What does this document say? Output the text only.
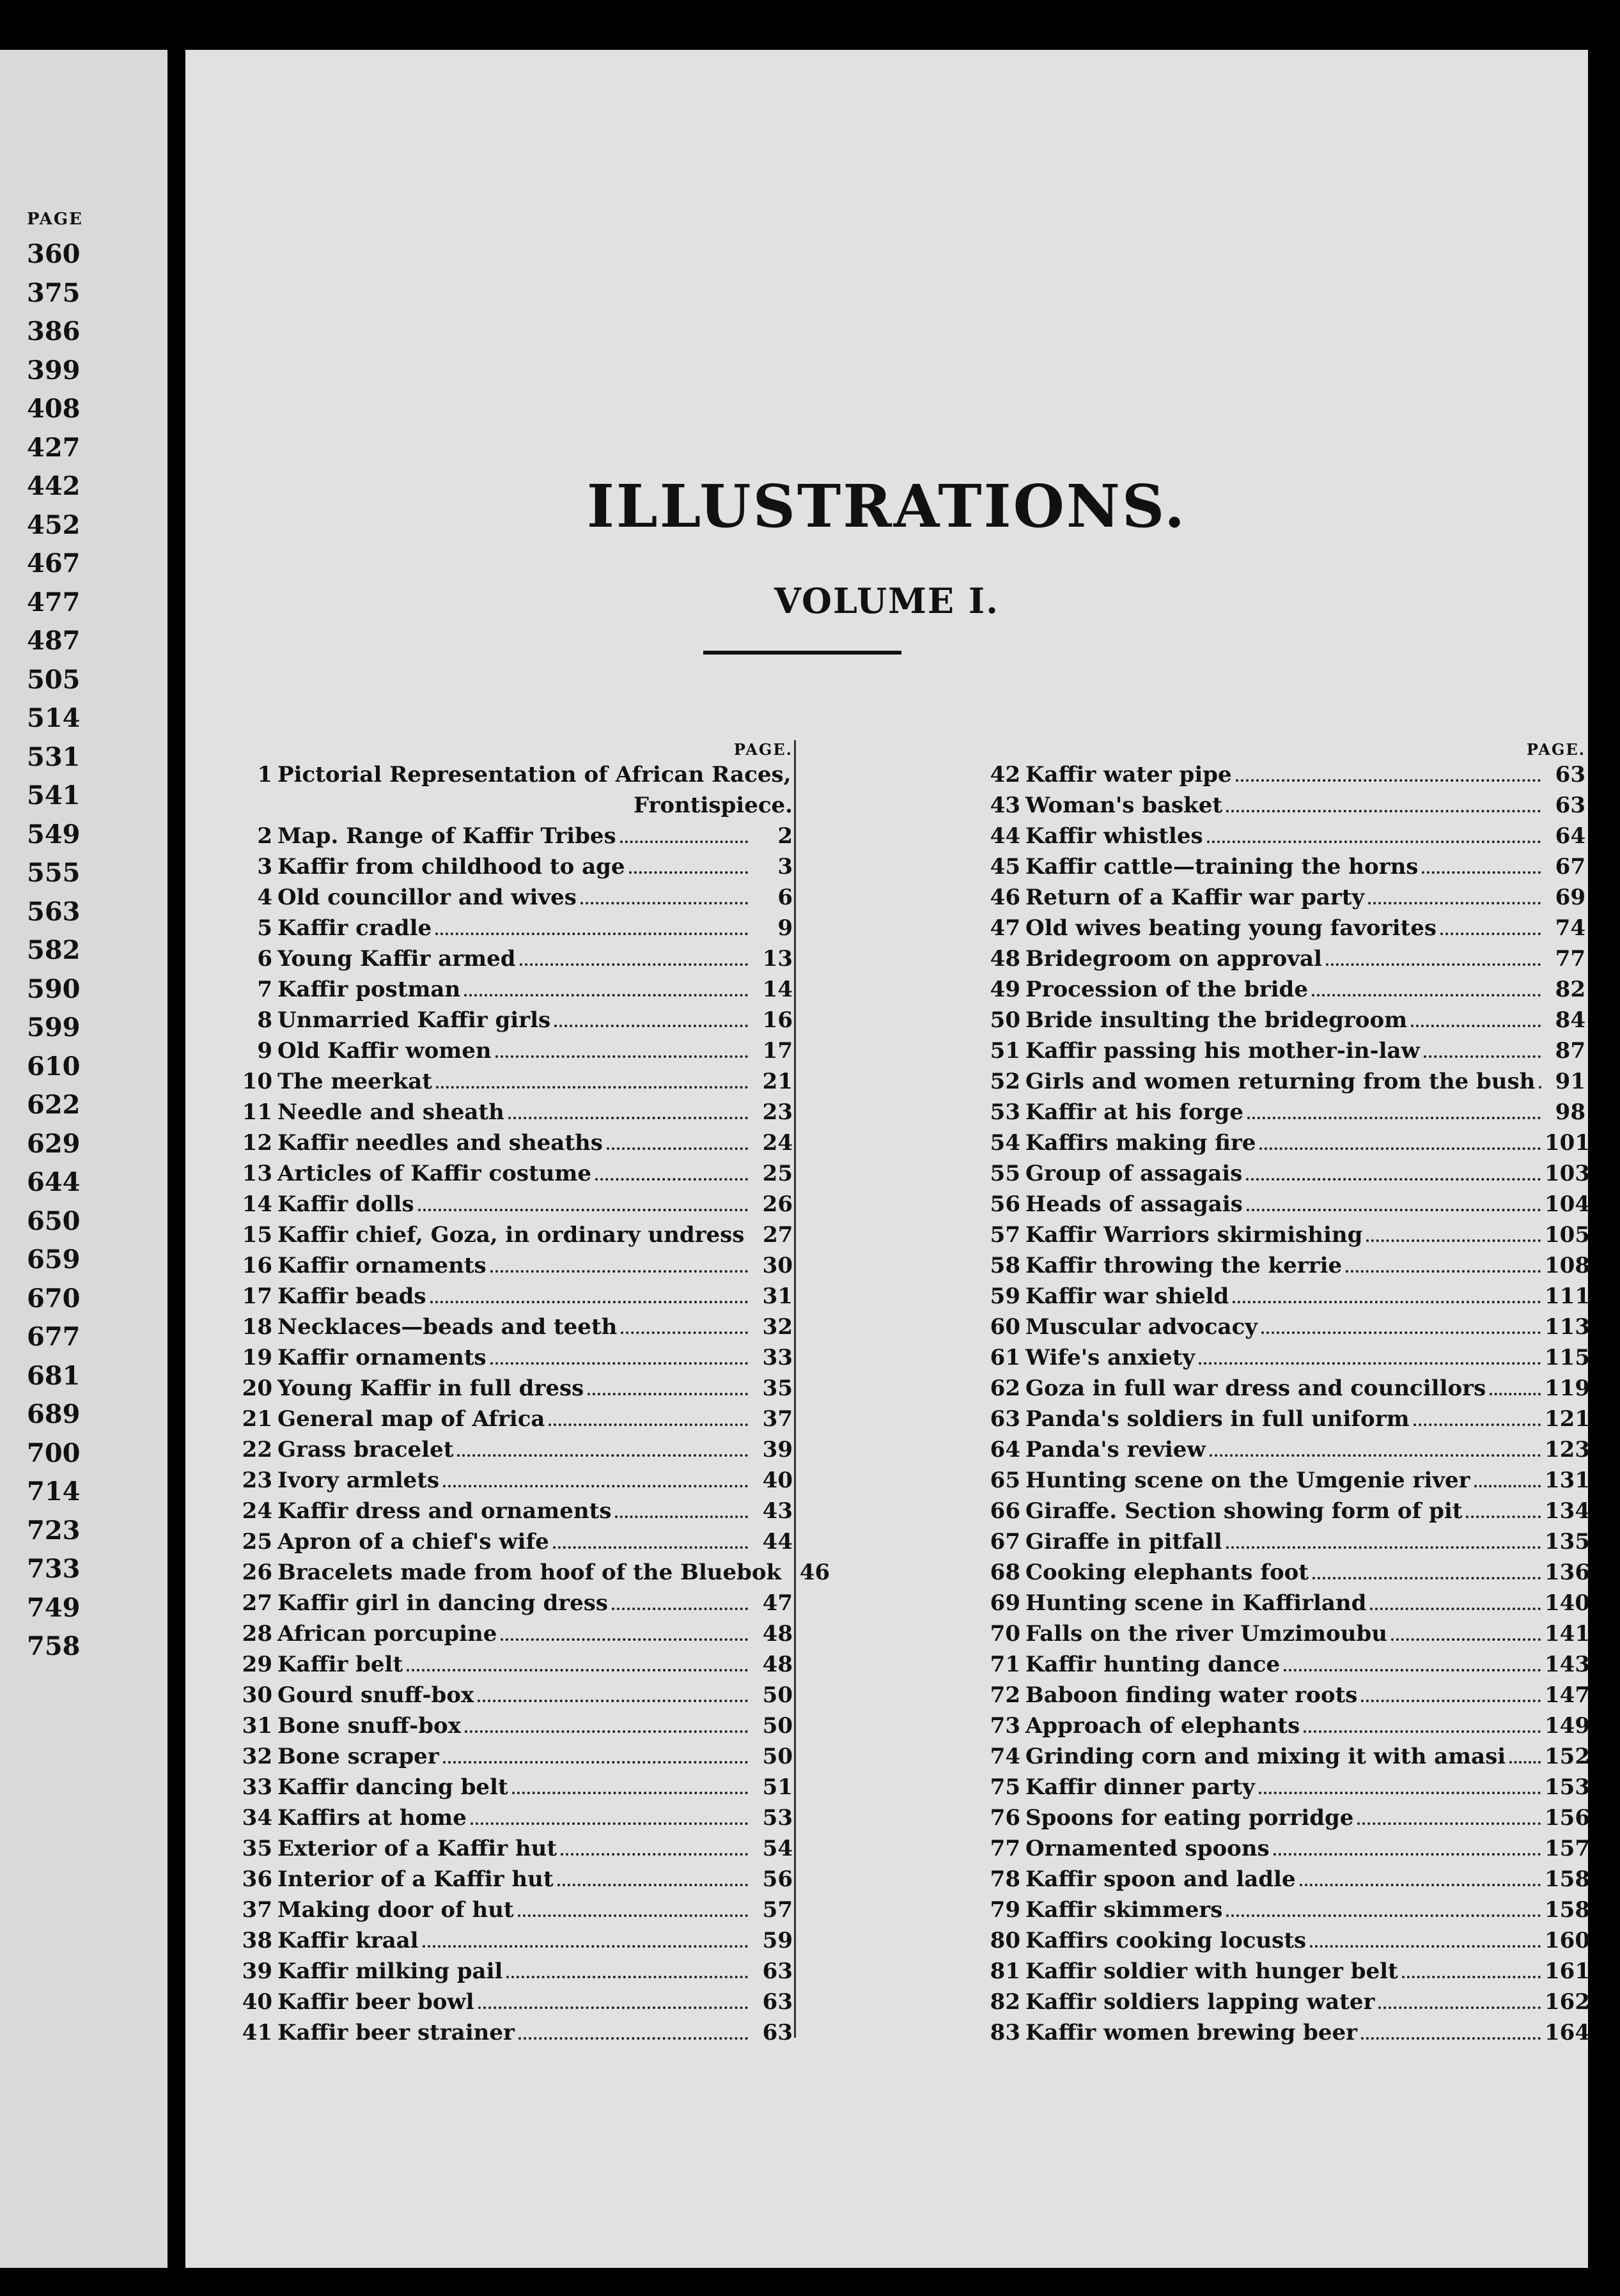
PAGE
360
375
386
399
408
427
442
452
467
477
487
505
514
531
541
549
555
563
582
590
599
610
622
629
644
650
659
670
677
681
689
700
714
723
733
749
758
ILLUSTRATIONS.
VOLUME I.
PAGE.
1 Pictorial Representation of African Races,
Frontispiece.
2 Map. Range of Kaffir Tribes	2
3 Kaffir from childhood to age	3
4 Old councillor and wives	6
5 Kaffir cradle	9
6 Young Kaffir armed	13
7 Kaffir postman	14
8 Unmarried Kaffir girls	16
9 Old Kaffir women	17
10 The meerkat	21
11 Needle and sheath	23
12 Kaffir needles and sheaths	24
13 Articles of Kaffir costume	25
14 Kaffir dolls	26
15 Kaffir chief, Goza, in ordinary undress 27
16 Kaffir ornaments	30
17 Kaffir beads	31
18 Necklaces—beads and teeth	32
19 Kaffir ornaments	33
20 Young Kaffir in full dress	35
21 General map of Africa	37
22 Grass bracelet	39
23 Ivory armlets	40
24 Kaffir dress and ornaments	43
25 Apron of a chief's wife	44
26 Bracelets made from hoof of the Bluebok 46
27 Kaffir girl in dancing dress	47
28 African porcupine	48
29 Kaffir belt	48
30 Gourd snuff-box	50
31 Bone snuff-box	50
32 Bone scraper	50
33 Kaffir dancing belt	51
34 Kaffirs at home	53
35 Exterior of a Kaffir hut	54
36 Interior of a Kaffir hut	56
37 Making door of hut	57
38 Kaffir kraal	59
39 Kaffir milking pail	63
40 Kaffir beer bowl	63
41 Kaffir beer strainer	63
PAGE.
42 Kaffir water pipe	63
43 Woman's basket	63
44 Kaffir whistles	64
45 Kaffir cattle—training the horns	67
46 Return of a Kaffir war party	69
47 Old wives beating young favorites	74
48 Bridegroom on approval	77
49 Procession of the bride	82
50 Bride insulting the bridegroom	84
51 Kaffir passing his mother-in-law	87
52 Girls and women returning from the bush 91
53 Kaffir at his forge	98
54 Kaffirs making fire	101
55 Group of assagais	103
56 Heads of assagais	104
57 Kaffir Warriors skirmishing	105
58 Kaffir throwing the kerrie	108
59 Kaffir war shield	111
60 Muscular advocacy	113
61 Wife's anxiety	115
62 Goza in full war dress and councillors	119
63 Panda's soldiers in full uniform	121
64 Panda's review	123
65 Hunting scene on the Umgenie river	131
66 Giraffe. Section showing form of pit	134
67 Giraffe in pitfall	135
68 Cooking elephants foot	136
69 Hunting scene in Kaffirland	140
70 Falls on the river Umzimoubu	141
71 Kaffir hunting dance	143
72 Baboon finding water roots	147
73 Approach of elephants	149
74 Grinding corn and mixing it with amasi 152
75 Kaffir dinner party	153
76 Spoons for eating porridge	156
77 Ornamented spoons	157
78 Kaffir spoon and ladle	158
79 Kaffir skimmers	158
80 Kaffirs cooking locusts	160
81 Kaffir soldier with hunger belt	161
82 Kaffir soldiers lapping water	162
83 Kaffir women brewing beer	164
